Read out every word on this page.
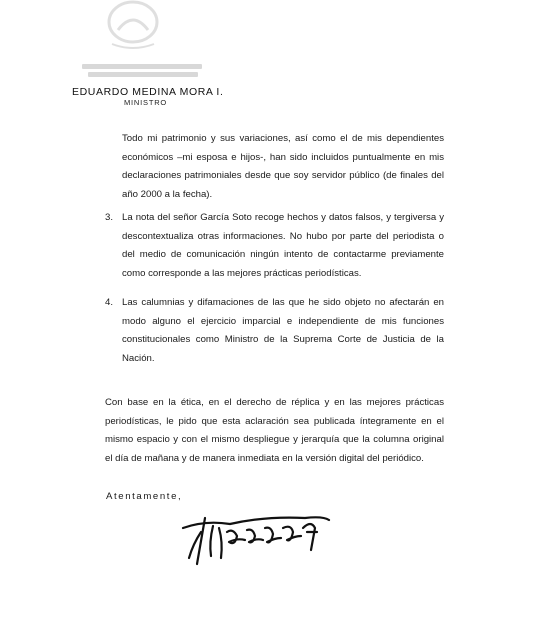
EDUARDO MEDINA MORA I.
MINISTRO
Todo mi patrimonio y sus variaciones, así como el de mis dependientes económicos –mi esposa e hijos-, han sido incluidos puntualmente en mis declaraciones patrimoniales desde que soy servidor público (de finales del año 2000 a la fecha).
3. La nota del señor García Soto recoge hechos y datos falsos, y tergiversa y descontextualiza otras informaciones. No hubo por parte del periodista o del medio de comunicación ningún intento de contactarme previamente como corresponde a las mejores prácticas periodísticas.
4. Las calumnias y difamaciones de las que he sido objeto no afectarán en modo alguno el ejercicio imparcial e independiente de mis funciones constitucionales como Ministro de la Suprema Corte de Justicia de la Nación.
Con base en la ética, en el derecho de réplica y en las mejores prácticas periodísticas, le pido que esta aclaración sea publicada íntegramente en el mismo espacio y con el mismo despliegue y jerarquía que la columna original el día de mañana y de manera inmediata en la versión digital del periódico.
Atentamente,
